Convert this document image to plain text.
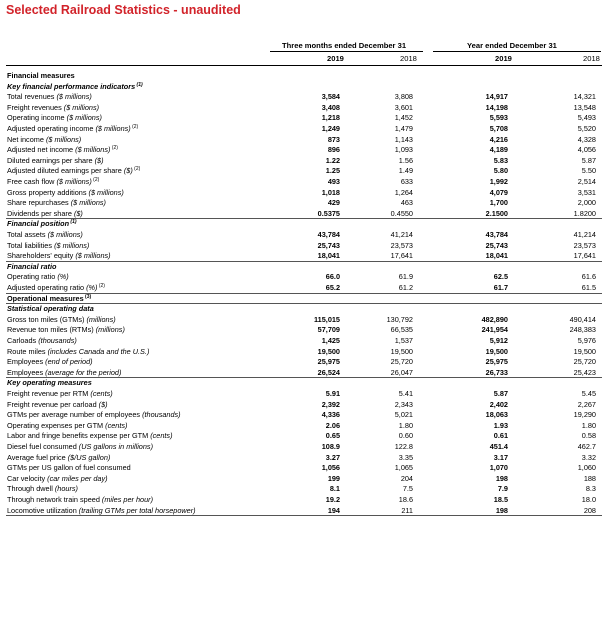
Selected Railroad Statistics - unaudited
Three months ended December 31	Year ended December 31
2019	2018	2019	2018
Financial measures
Key financial performance indicators $^{(1)}$
Total revenues ($ millions)	3,584	3,808	14,917	14,321
Freight revenues ($ millions)	3,408	3,601	14,198	13,548
Operating income ($ millions)	1,218	1,452	5,593	5,493
Adjusted operating income ($ millions) $^{(2)}$	1,249	1,479	5,708	5,520
Net income ($ millions)	873	1,143	4,216	4,328
Adjusted net income ($ millions) $^{(2)}$	896	1,093	4,189	4,056
Diluted earnings per share ($)	1.22	1.56	5.83	5.87
Adjusted diluted earnings per share ($) $^{(2)}$	1.25	1.49	5.80	5.50
Free cash flow ($ millions) $^{(2)}$	493	633	1,992	2,514
Gross property additions ($ millions)	1,018	1,264	4,079	3,531
Share repurchases ($ millions)	429	463	1,700	2,000
Dividends per share ($)	0.5375	0.4550	2.1500	1.8200
Financial position $^{(1)}$
Total assets ($ millions)	43,784	41,214	43,784	41,214
Total liabilities ($ millions)	25,743	23,573	25,743	23,573
Shareholders' equity ($ millions)	18,041	17,641	18,041	17,641
Financial ratio
Operating ratio (%)	66.0	61.9	62.5	61.6
Adjusted operating ratio (%) $^{(2)}$	65.2	61.2	61.7	61.5
Operational measures $^{(3)}$
Statistical operating data
Gross ton miles (GTMs) (millions)	115,015	130,792	482,890	490,414
Revenue ton miles (RTMs) (millions)	57,709	66,535	241,954	248,383
Carloads (thousands)	1,425	1,537	5,912	5,976
Route miles (includes Canada and the U.S.)	19,500	19,500	19,500	19,500
Employees (end of period)	25,975	25,720	25,975	25,720
Employees (average for the period)	26,524	26,047	26,733	25,423
Key operating measures
Freight revenue per RTM (cents)	5.91	5.41	5.87	5.45
Freight revenue per carload ($)	2,392	2,343	2,402	2,267
GTMs per average number of employees (thousands)	4,336	5,021	18,063	19,290
Operating expenses per GTM (cents)	2.06	1.80	1.93	1.80
Labor and fringe benefits expense per GTM (cents)	0.65	0.60	0.61	0.58
Diesel fuel consumed (US gallons in millions)	108.9	122.8	451.4	462.7
Average fuel price ($/US gallon)	3.27	3.35	3.17	3.32
GTMs per US gallon of fuel consumed	1,056	1,065	1,070	1,060
Car velocity (car miles per day)	199	204	198	188
Through dwell (hours)	8.1	7.5	7.9	8.3
Through network train speed (miles per hour)	19.2	18.6	18.5	18.0
Locomotive utilization (trailing GTMs per total horsepower)	194	211	198	208
